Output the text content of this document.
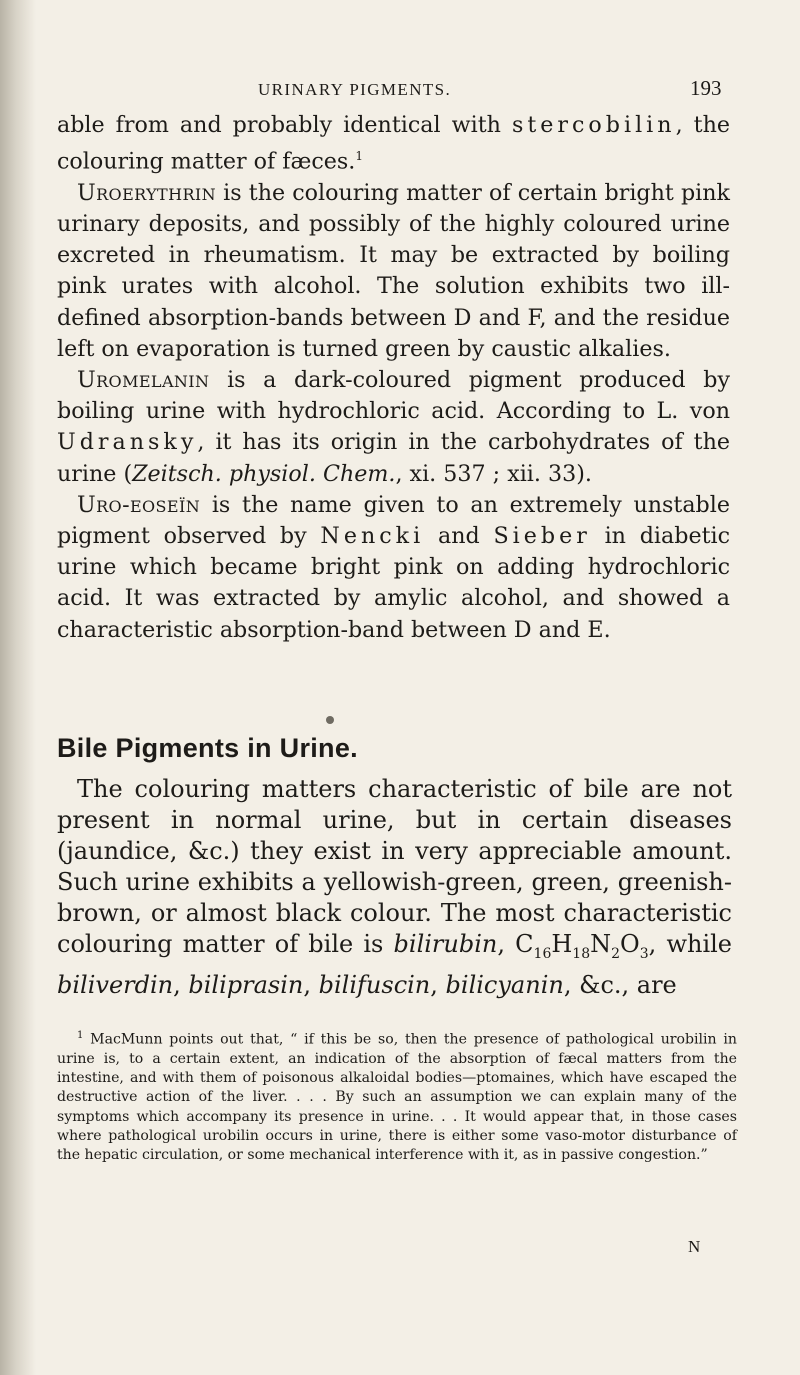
URINARY PIGMENTS.	193

able from and probably identical with stercobilin, the colouring matter of fæces.$^1$

Uroerythrin is the colouring matter of certain bright pink urinary deposits, and possibly of the highly coloured urine excreted in rheumatism. It may be extracted by boiling pink urates with alcohol. The solution exhibits two ill-defined absorption-bands between D and F, and the residue left on evaporation is turned green by caustic alkalies.

Uromelanin is a dark-coloured pigment produced by boiling urine with hydrochloric acid. According to L. von Udransky, it has its origin in the carbohydrates of the urine (Zeitsch. physiol. Chem., xi. 537 ; xii. 33).

Uro-eoseïn is the name given to an extremely unstable pigment observed by Nencki and Sieber in diabetic urine which became bright pink on adding hydrochloric acid. It was extracted by amylic alcohol, and showed a characteristic absorption-band between D and E.

Bile Pigments in Urine.

The colouring matters characteristic of bile are not present in normal urine, but in certain diseases (jaundice, &c.) they exist in very appreciable amount. Such urine exhibits a yellowish-green, green, greenish-brown, or almost black colour. The most characteristic colouring matter of bile is bilirubin, $C_{16}H_{18}N_2O_3$, while biliverdin, biliprasin, bilifuscin, bilicyanin, &c., are

$^1$ MacMunn points out that, “ if this be so, then the presence of pathological urobilin in urine is, to a certain extent, an indication of the absorption of fæcal matters from the intestine, and with them of poisonous alkaloidal bodies—ptomaines, which have escaped the destructive action of the liver. . . . By such an assumption we can explain many of the symptoms which accompany its presence in urine. . . It would appear that, in those cases where pathological urobilin occurs in urine, there is either some vaso-motor disturbance of the hepatic circulation, or some mechanical interference with it, as in passive congestion.”

N
